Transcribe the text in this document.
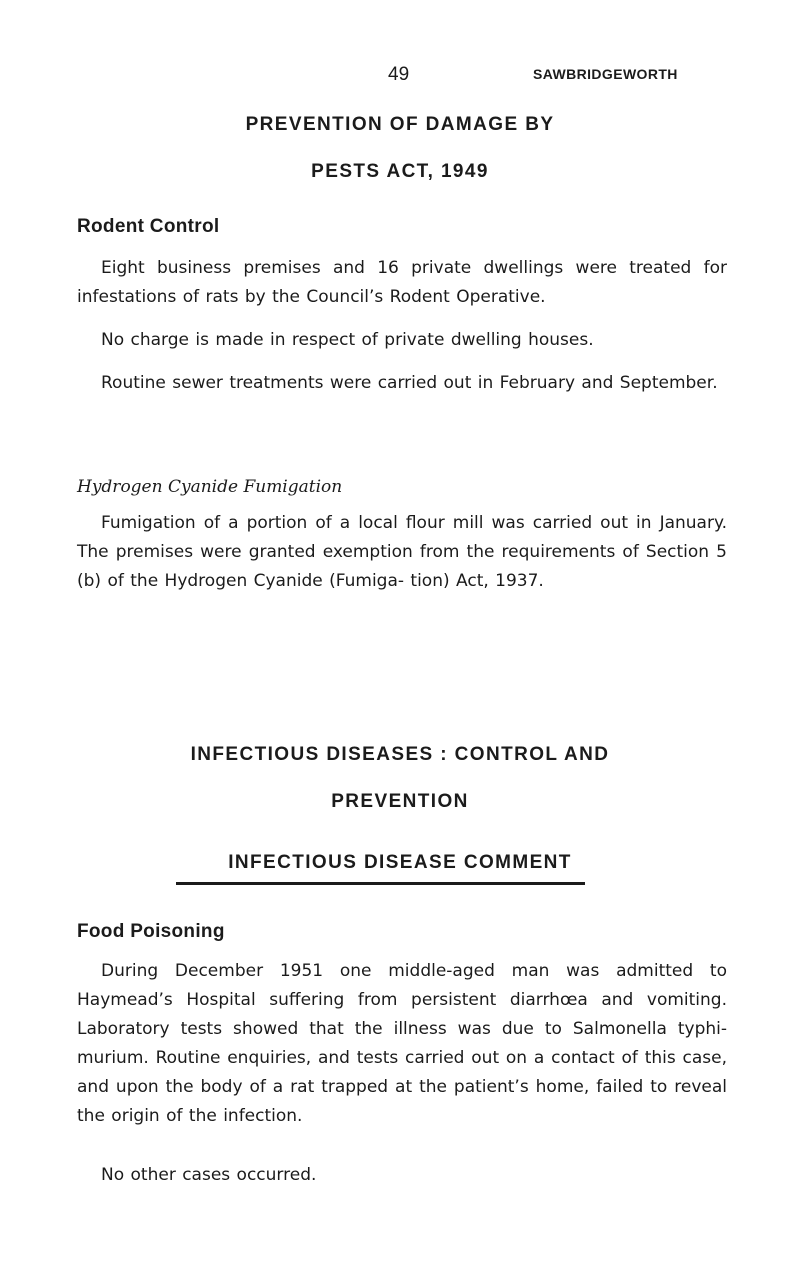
49	SAWBRIDGEWORTH
PREVENTION OF DAMAGE BY
PESTS ACT, 1949
Rodent Control
Eight business premises and 16 private dwellings were treated for infestations of rats by the Council’s Rodent Operative.
No charge is made in respect of private dwelling houses.
Routine sewer treatments were carried out in February and September.
Hydrogen Cyanide Fumigation
Fumigation of a portion of a local flour mill was carried out in January. The premises were granted exemption from the requirements of Section 5 (b) of the Hydrogen Cyanide (Fumiga- tion) Act, 1937.
INFECTIOUS DISEASES : CONTROL AND
PREVENTION
INFECTIOUS DISEASE COMMENT
Food Poisoning
During December 1951 one middle-aged man was admitted to Haymead’s Hospital suffering from persistent diarrhœa and vomiting. Laboratory tests showed that the illness was due to Salmonella typhi-murium. Routine enquiries, and tests carried out on a contact of this case, and upon the body of a rat trapped at the patient’s home, failed to reveal the origin of the infection.
No other cases occurred.
